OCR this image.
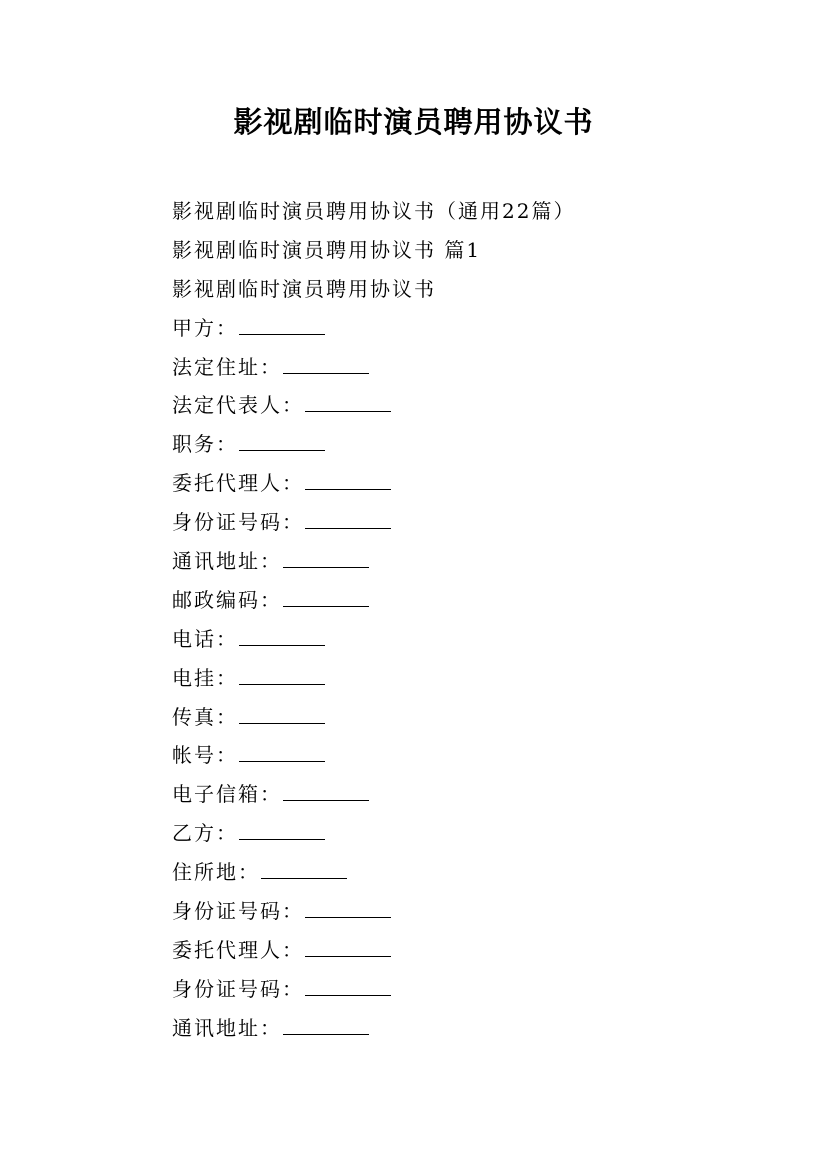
影视剧临时演员聘用协议书
影视剧临时演员聘用协议书（通用22篇）
影视剧临时演员聘用协议书 篇1
影视剧临时演员聘用协议书
甲方：
法定住址：
法定代表人：
职务：
委托代理人：
身份证号码：
通讯地址：
邮政编码：
电话：
电挂：
传真：
帐号：
电子信箱：
乙方：
住所地：
身份证号码：
委托代理人：
身份证号码：
通讯地址：
